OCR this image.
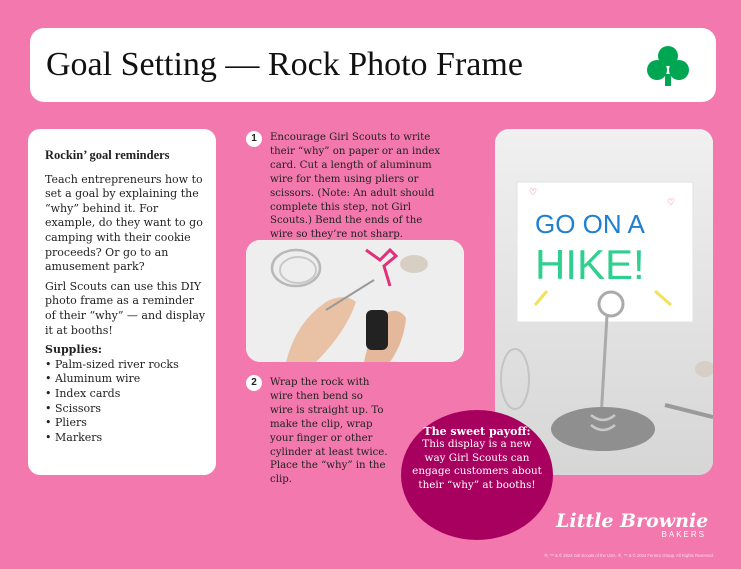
Goal Setting — Rock Photo Frame
Rockin’ goal reminders

Teach entrepreneurs how to set a goal by explaining the “why” behind it. For example, do they want to go camping with their cookie proceeds? Or go to an amusement park?

Girl Scouts can use this DIY photo frame as a reminder of their “why” — and display it at booths!

Supplies:
• Palm-sized river rocks
• Aluminum wire
• Index cards
• Scissors
• Pliers
• Markers
1	Encourage Girl Scouts to write their “why” on paper or an index card. Cut a length of aluminum wire for them using pliers or scissors. (Note: An adult should complete this step, not Girl Scouts.) Bend the ends of the wire so they’re not sharp.
2	Wrap the rock with wire then bend so wire is straight up. To make the clip, wrap your finger or other cylinder at least twice. Place the “why” in the clip.
♡
♡
GO ON A
HIKE!
The sweet payoff:
This display is a new way Girl Scouts can engage customers about their “why” at booths!
Little Brownie
BAKERS
®, ™ & © 2024 Girl Scouts of the USA. ®, ™ & © 2024 Ferrero Group. All Rights Reserved.
